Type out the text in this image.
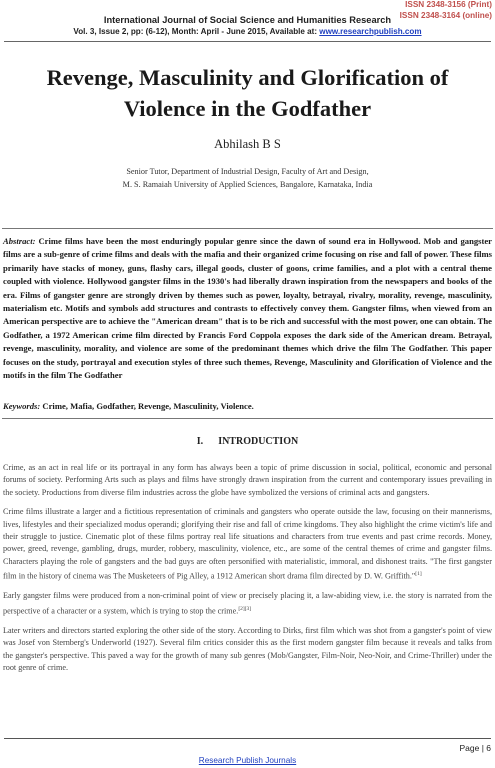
ISSN 2348-3156 (Print)
ISSN 2348-3164 (online)
International Journal of Social Science and Humanities Research
Vol. 3, Issue 2, pp: (6-12), Month: April - June 2015, Available at: www.researchpublish.com
Revenge, Masculinity and Glorification of Violence in the Godfather
Abhilash B S
Senior Tutor, Department of Industrial Design, Faculty of Art and Design,
M. S. Ramaiah University of Applied Sciences, Bangalore, Karnataka, India
Abstract: Crime films have been the most enduringly popular genre since the dawn of sound era in Hollywood. Mob and gangster films are a sub-genre of crime films and deals with the mafia and their organized crime focusing on rise and fall of power. These films primarily have stacks of money, guns, flashy cars, illegal goods, cluster of goons, crime families, and a plot with a central theme coupled with violence. Hollywood gangster films in the 1930's had liberally drawn inspiration from the newspapers and books of the era. Films of gangster genre are strongly driven by themes such as power, loyalty, betrayal, rivalry, morality, revenge, masculinity, materialism etc. Motifs and symbols add structures and contrasts to effectively convey them. Gangster films, when viewed from an American perspective are to achieve the "American dream" that is to be rich and successful with the most power, one can obtain. The Godfather, a 1972 American crime film directed by Francis Ford Coppola exposes the dark side of the American dream. Betrayal, revenge, masculinity, morality, and violence are some of the predominant themes which drive the film The Godfather. This paper focuses on the study, portrayal and execution styles of three such themes, Revenge, Masculinity and Glorification of Violence and the motifs in the film The Godfather
Keywords: Crime, Mafia, Godfather, Revenge, Masculinity, Violence.
I. INTRODUCTION

Crime, as an act in real life or its portrayal in any form has always been a topic of prime discussion in social, political, economic and personal forums of society. Performing Arts such as plays and films have strongly drawn inspiration from the current and contemporary issues prevailing in the society. Productions from diverse film industries across the globe have symbolized the versions of criminal acts and gangsters.

Crime films illustrate a larger and a fictitious representation of criminals and gangsters who operate outside the law, focusing on their mannerisms, lives, lifestyles and their specialized modus operandi; glorifying their rise and fall of crime kingdoms. They also highlight the crime victim's life and their struggle to justice. Cinematic plot of these films portray real life situations and characters from true events and past crime records. Money, power, greed, revenge, gambling, drugs, murder, robbery, masculinity, violence, etc., are some of the central themes of crime and gangster films. Characters playing the role of gangsters and the bad guys are often personified with materialistic, immoral, and dishonest traits. "The first gangster film in the history of cinema was The Musketeers of Pig Alley, a 1912 American short drama film directed by D. W. Griffith."[1]

Early gangster films were produced from a non-criminal point of view or precisely placing it, a law-abiding view, i.e. the story is narrated from the perspective of a character or a system, which is trying to stop the crime.[2][3]

Later writers and directors started exploring the other side of the story. According to Dirks, first film which was shot from a gangster's point of view was Josef von Sternberg's Underworld (1927). Several film critics consider this as the first modern gangster film because it reveals and talks from the gangster's perspective. This paved a way for the growth of many sub genres (Mob/Gangster, Film-Noir, Neo-Noir, and Crime-Thriller) under the root genre of crime.

Page | 6
Research Publish Journals
